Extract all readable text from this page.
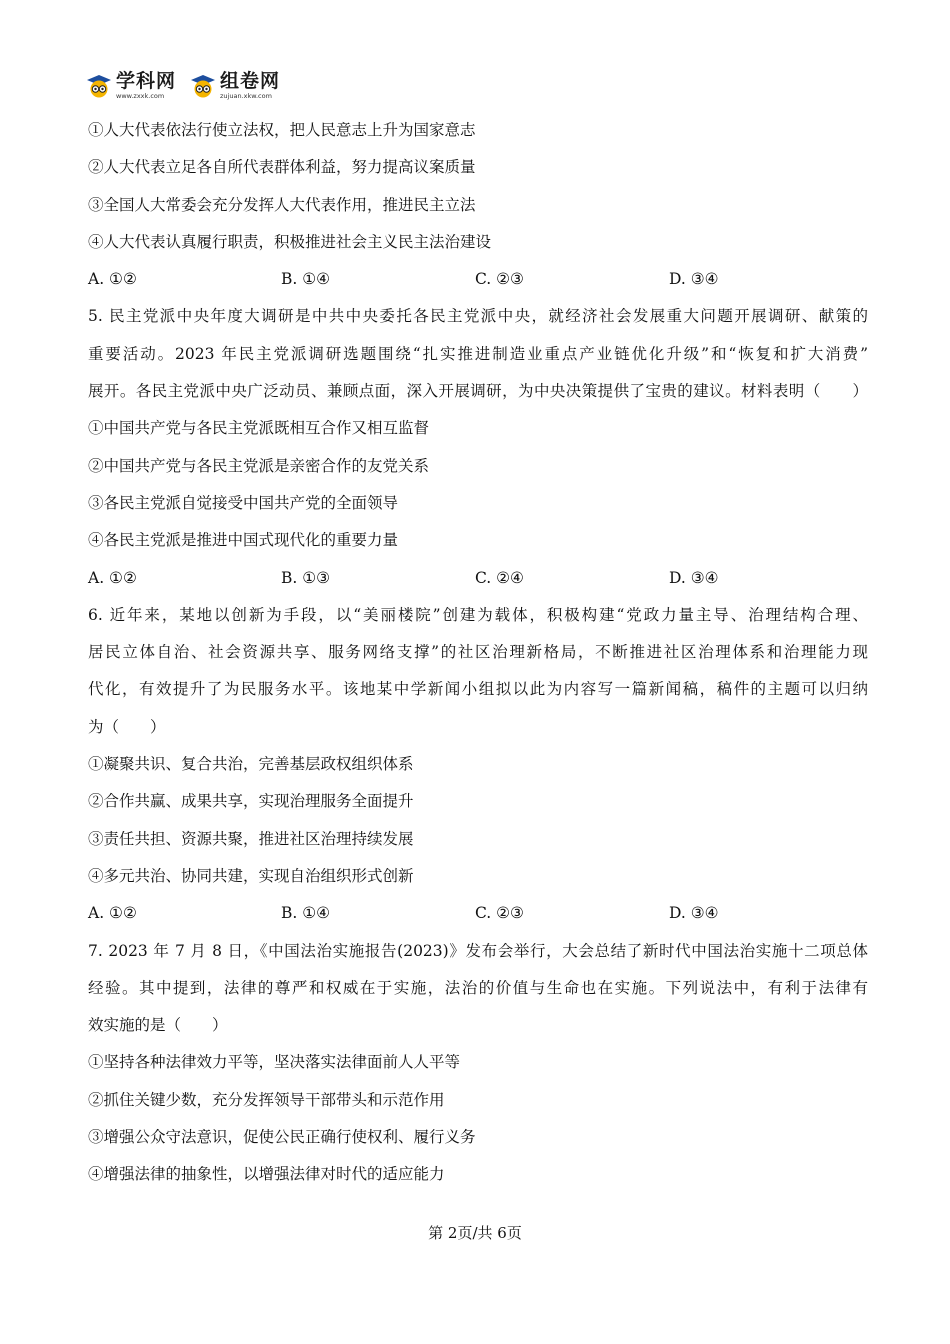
学科网
www.zxxk.com
组卷网
zujuan.xkw.com
①人大代表依法行使立法权，把人民意志上升为国家意志
②人大代表立足各自所代表群体利益，努力提高议案质量
③全国人大常委会充分发挥人大代表作用，推进民主立法
④人大代表认真履行职责，积极推进社会主义民主法治建设
A. ①②	B. ①④	C. ②③	D. ③④
5. 民主党派中央年度大调研是中共中央委托各民主党派中央，就经济社会发展重大问题开展调研、献策的
重要活动。2023 年民主党派调研选题围绕“扎实推进制造业重点产业链优化升级”和“恢复和扩大消费”
展开。各民主党派中央广泛动员、兼顾点面，深入开展调研，为中央决策提供了宝贵的建议。材料表明（　　）
①中国共产党与各民主党派既相互合作又相互监督
②中国共产党与各民主党派是亲密合作的友党关系
③各民主党派自觉接受中国共产党的全面领导
④各民主党派是推进中国式现代化的重要力量
A. ①②	B. ①③	C. ②④	D. ③④
6. 近年来，某地以创新为手段，以“美丽楼院”创建为载体，积极构建“党政力量主导、治理结构合理、
居民立体自治、社会资源共享、服务网络支撑”的社区治理新格局，不断推进社区治理体系和治理能力现
代化，有效提升了为民服务水平。该地某中学新闻小组拟以此为内容写一篇新闻稿，稿件的主题可以归纳
为（　　）
①凝聚共识、复合共治，完善基层政权组织体系
②合作共赢、成果共享，实现治理服务全面提升
③责任共担、资源共聚，推进社区治理持续发展
④多元共治、协同共建，实现自治组织形式创新
A. ①②	B. ①④	C. ②③	D. ③④
7. 2023 年 7 月 8 日，《中国法治实施报告(2023)》发布会举行，大会总结了新时代中国法治实施十二项总体
经验。其中提到，法律的尊严和权威在于实施，法治的价值与生命也在实施。下列说法中，有利于法律有
效实施的是（　　）
①坚持各种法律效力平等，坚决落实法律面前人人平等
②抓住关键少数，充分发挥领导干部带头和示范作用
③增强公众守法意识，促使公民正确行使权利、履行义务
④增强法律的抽象性，以增强法律对时代的适应能力
第 2页/共 6页
